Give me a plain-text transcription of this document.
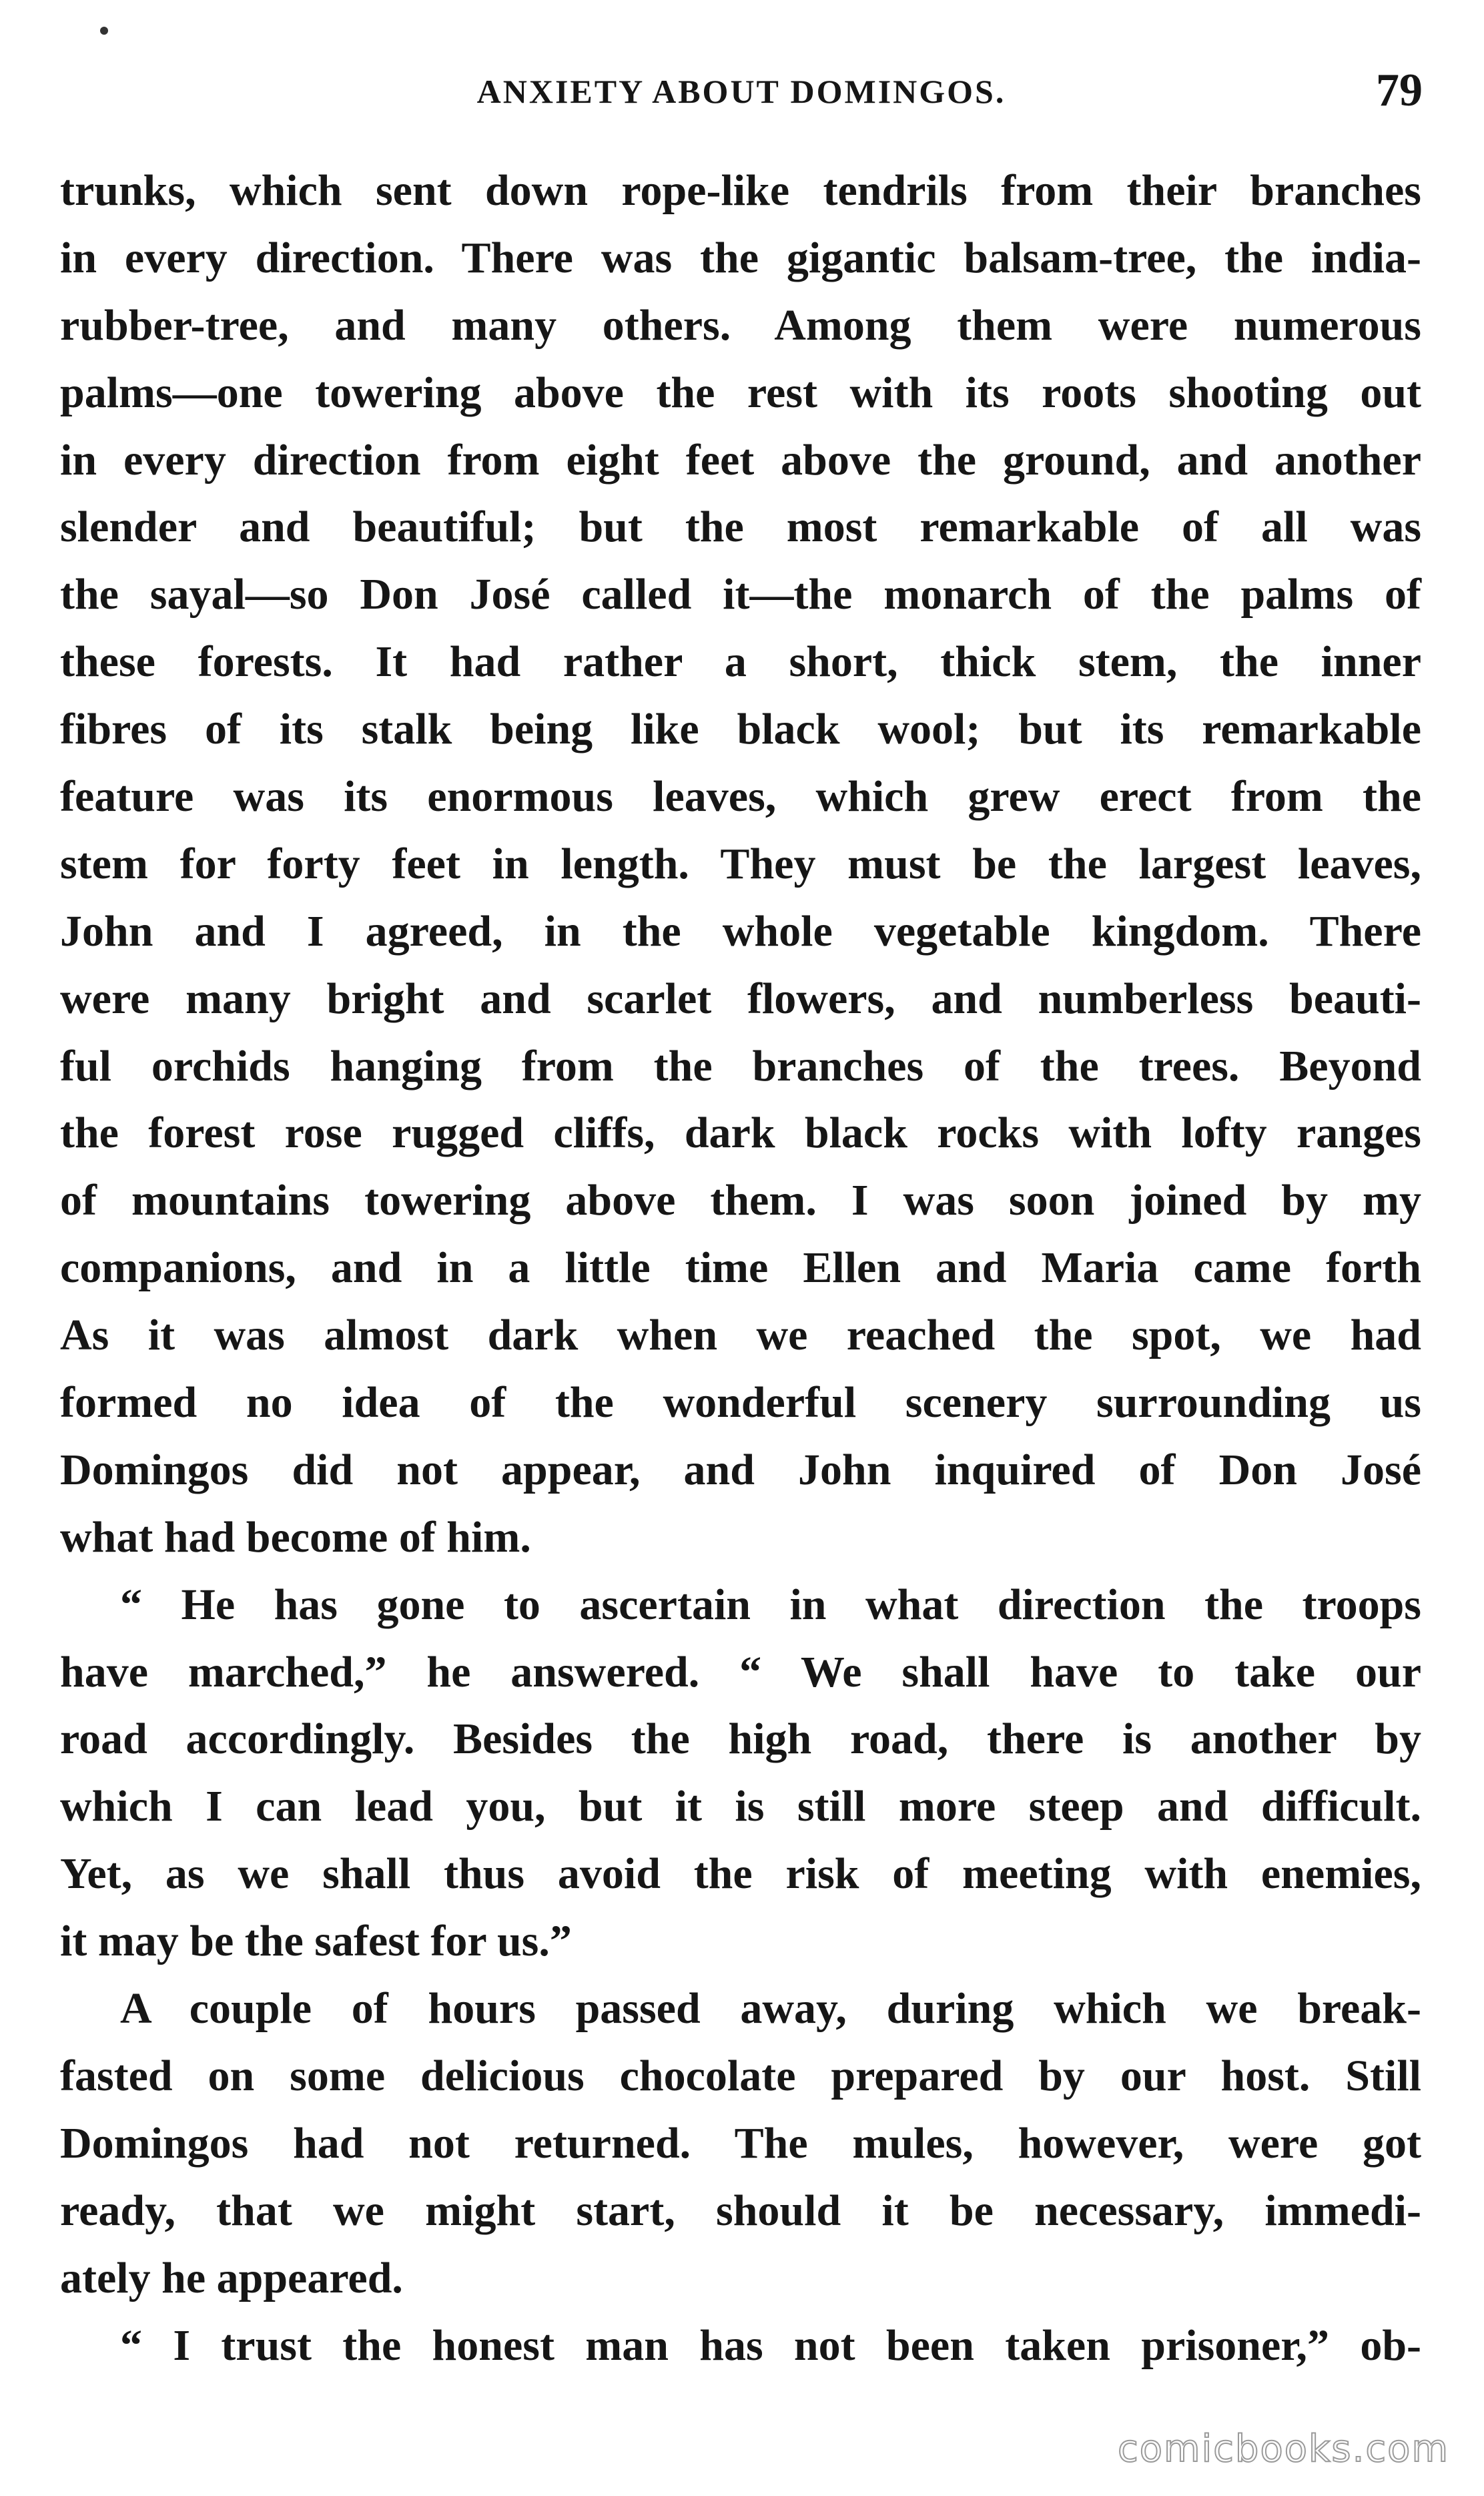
ANXIETY ABOUT DOMINGOS.	79
trunks, which sent down rope-like tendrils from their branches
in every direction. There was the gigantic balsam-tree, the india-
rubber-tree, and many others. Among them were numerous
palms—one towering above the rest with its roots shooting out
in every direction from eight feet above the ground, and another
slender and beautiful; but the most remarkable of all was
the sayal—so Don José called it—the monarch of the palms of
these forests. It had rather a short, thick stem, the inner
fibres of its stalk being like black wool; but its remarkable
feature was its enormous leaves, which grew erect from the
stem for forty feet in length. They must be the largest leaves,
John and I agreed, in the whole vegetable kingdom. There
were many bright and scarlet flowers, and numberless beauti-
ful orchids hanging from the branches of the trees. Beyond
the forest rose rugged cliffs, dark black rocks with lofty ranges
of mountains towering above them. I was soon joined by my
companions, and in a little time Ellen and Maria came forth
As it was almost dark when we reached the spot, we had
formed no idea of the wonderful scenery surrounding us
Domingos did not appear, and John inquired of Don José
what had become of him.
“ He has gone to ascertain in what direction the troops
have marched,” he answered. “ We shall have to take our
road accordingly. Besides the high road, there is another by
which I can lead you, but it is still more steep and difficult.
Yet, as we shall thus avoid the risk of meeting with enemies,
it may be the safest for us.”
A couple of hours passed away, during which we break-
fasted on some delicious chocolate prepared by our host. Still
Domingos had not returned. The mules, however, were got
ready, that we might start, should it be necessary, immedi-
ately he appeared.
“ I trust the honest man has not been taken prisoner,” ob-
comicbooks.com
